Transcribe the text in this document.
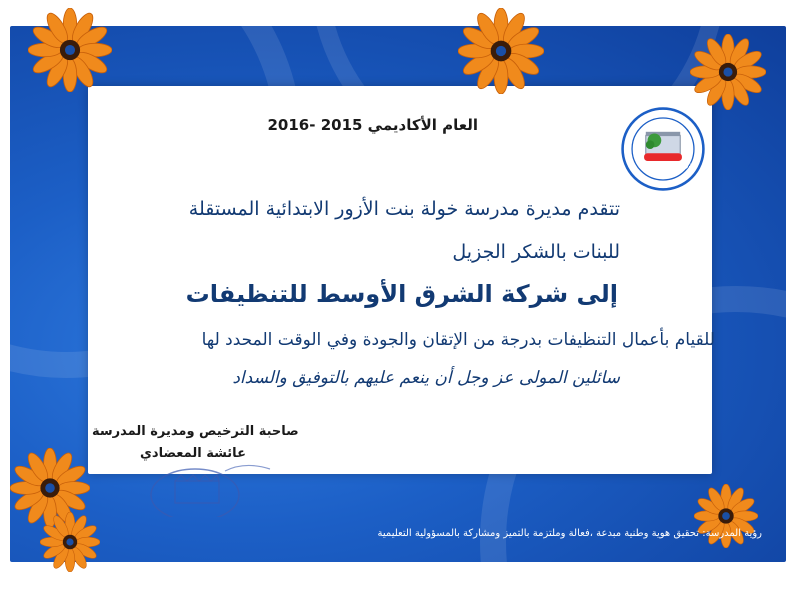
مدرستي وطني
العام الأكاديمي 2015 -2016
تتقدم مديرة مدرسة خولة بنت الأزور الابتدائية المستقلة
للبنات بالشكر الجزيل
إلى شركة الشرق الأوسط للتنظيفات
للقيام بأعمال التنظيفات بدرجة من الإتقان والجودة وفي الوقت المحدد لها
سائلين المولى عز وجل أن ينعم عليهم بالتوفيق والسداد
صاحبة الترخيص ومديرة المدرسة
عائشة المعضادي
رؤية المدرسة: تحقيق هوية وطنية مبدعة ،فعالة وملتزمة بالتميز ومشاركة بالمسؤولية التعليمية
